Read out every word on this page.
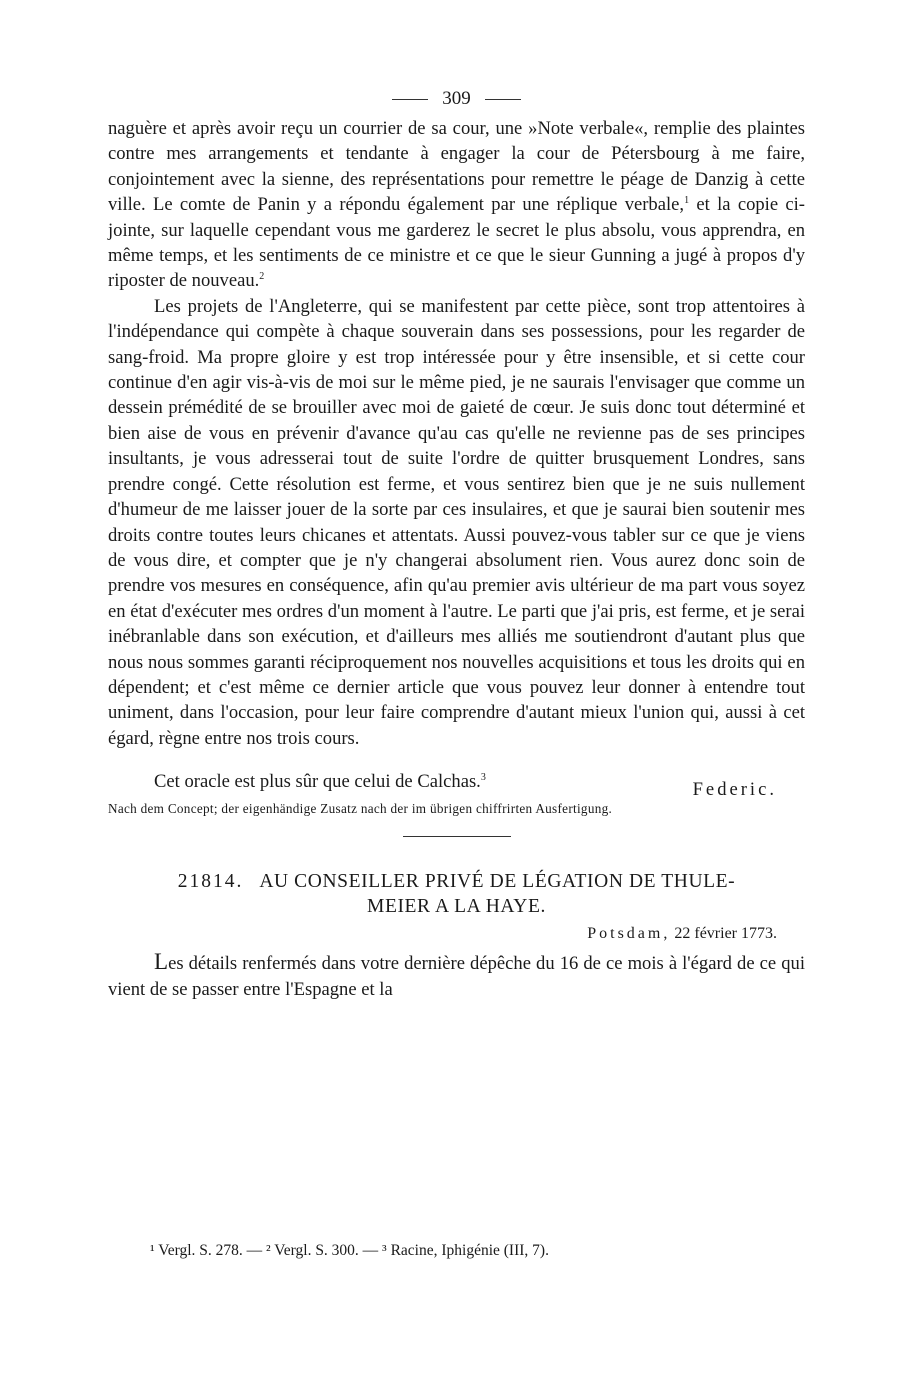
309

naguère et après avoir reçu un courrier de sa cour, une »Note verbale«, remplie des plaintes contre mes arrangements et tendante à engager la cour de Pétersbourg à me faire, conjointement avec la sienne, des représentations pour remettre le péage de Danzig à cette ville. Le comte de Panin y a répondu également par une réplique verbale,$^1$ et la copie ci-jointe, sur laquelle cependant vous me garderez le secret le plus absolu, vous apprendra, en même temps, et les sentiments de ce ministre et ce que le sieur Gunning a jugé à propos d'y riposter de nouveau.$^2$

Les projets de l'Angleterre, qui se manifestent par cette pièce, sont trop attentoires à l'indépendance qui compète à chaque souverain dans ses possessions, pour les regarder de sang-froid. Ma propre gloire y est trop intéressée pour y être insensible, et si cette cour continue d'en agir vis-à-vis de moi sur le même pied, je ne saurais l'envisager que comme un dessein prémédité de se brouiller avec moi de gaieté de cœur. Je suis donc tout déterminé et bien aise de vous en prévenir d'avance qu'au cas qu'elle ne revienne pas de ses principes insultants, je vous adresserai tout de suite l'ordre de quitter brusquement Londres, sans prendre congé. Cette résolution est ferme, et vous sentirez bien que je ne suis nullement d'humeur de me laisser jouer de la sorte par ces insulaires, et que je saurai bien soutenir mes droits contre toutes leurs chicanes et attentats. Aussi pouvez-vous tabler sur ce que je viens de vous dire, et compter que je n'y changerai absolument rien. Vous aurez donc soin de prendre vos mesures en conséquence, afin qu'au premier avis ultérieur de ma part vous soyez en état d'exécuter mes ordres d'un moment à l'autre. Le parti que j'ai pris, est ferme, et je serai inébranlable dans son exécution, et d'ailleurs mes alliés me soutiendront d'autant plus que nous nous sommes garanti réciproquement nos nouvelles acquisitions et tous les droits qui en dépendent; et c'est même ce dernier article que vous pouvez leur donner à entendre tout uniment, dans l'occasion, pour leur faire comprendre d'autant mieux l'union qui, aussi à cet égard, règne entre nos trois cours.

Cet oracle est plus sûr que celui de Calchas.$^3$
Federic.

Nach dem Concept; der eigenhändige Zusatz nach der im übrigen chiffrirten Ausfertigung.

21814. AU CONSEILLER PRIVÉ DE LÉGATION DE THULE-
MEIER A LA HAYE.
Potsdam, 22 février 1773.

Les détails renfermés dans votre dernière dépêche du 16 de ce mois à l'égard de ce qui vient de se passer entre l'Espagne et la

¹ Vergl. S. 278. — ² Vergl. S. 300. — ³ Racine, Iphigénie (III, 7).
